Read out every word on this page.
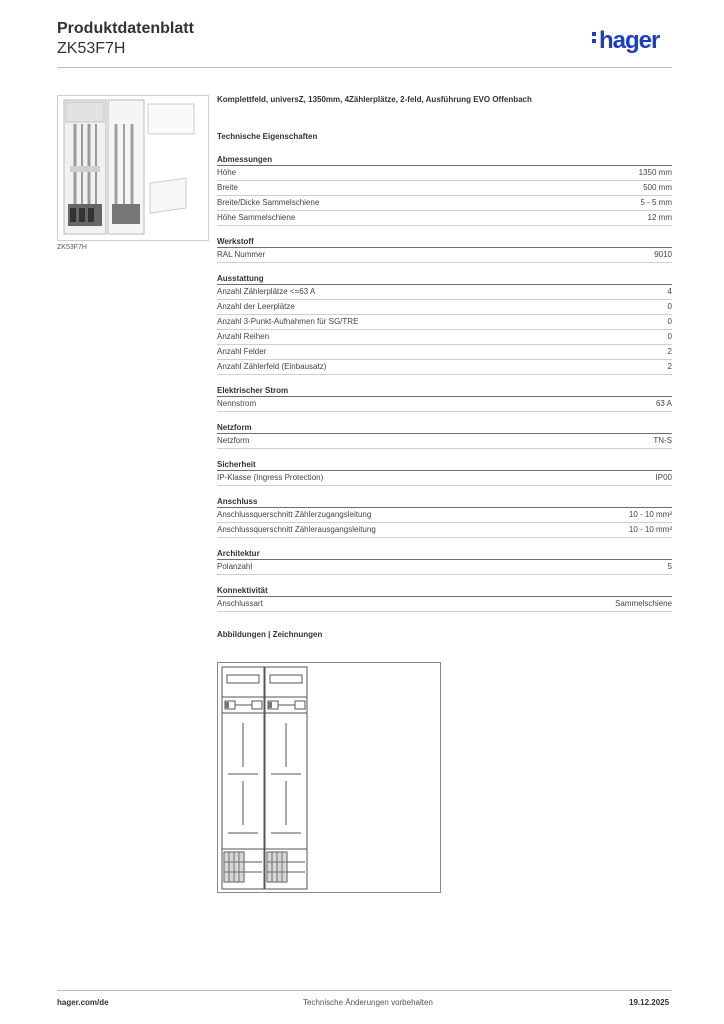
Produktdatenblatt
ZK53F7H	hager
ZK53F7H
Komplettfeld, universZ, 1350mm, 4Zählerplätze, 2-feld, Ausführung EVO Offenbach
Technische Eigenschaften
Abmessungen
Höhe	1350 mm
Breite	500 mm
Breite/Dicke Sammelschiene	5 - 5 mm
Höhe Sammelschiene	12 mm
Werkstoff
RAL Nummer	9010
Ausstattung
Anzahl Zählerplätze <=63 A	4
Anzahl der Leerplätze	0
Anzahl 3-Punkt-Aufnahmen für SG/TRE	0
Anzahl Reihen	0
Anzahl Felder	2
Anzahl Zählerfeld (Einbausatz)	2
Elektrischer Strom
Nennstrom	63 A
Netzform
Netzform	TN-S
Sicherheit
IP-Klasse (Ingress Protection)	IP00
Anschluss
Anschlussquerschnitt Zählerzugangsleitung	10 - 10 mm²
Anschlussquerschnitt Zählerausgangsleitung	10 - 10 mm²
Architektur
Polanzahl	5
Konnektivität
Anschlussart	Sammelschiene
Abbildungen | Zeichnungen
hager.com/de	Technische Änderungen vorbehalten	19.12.2025
